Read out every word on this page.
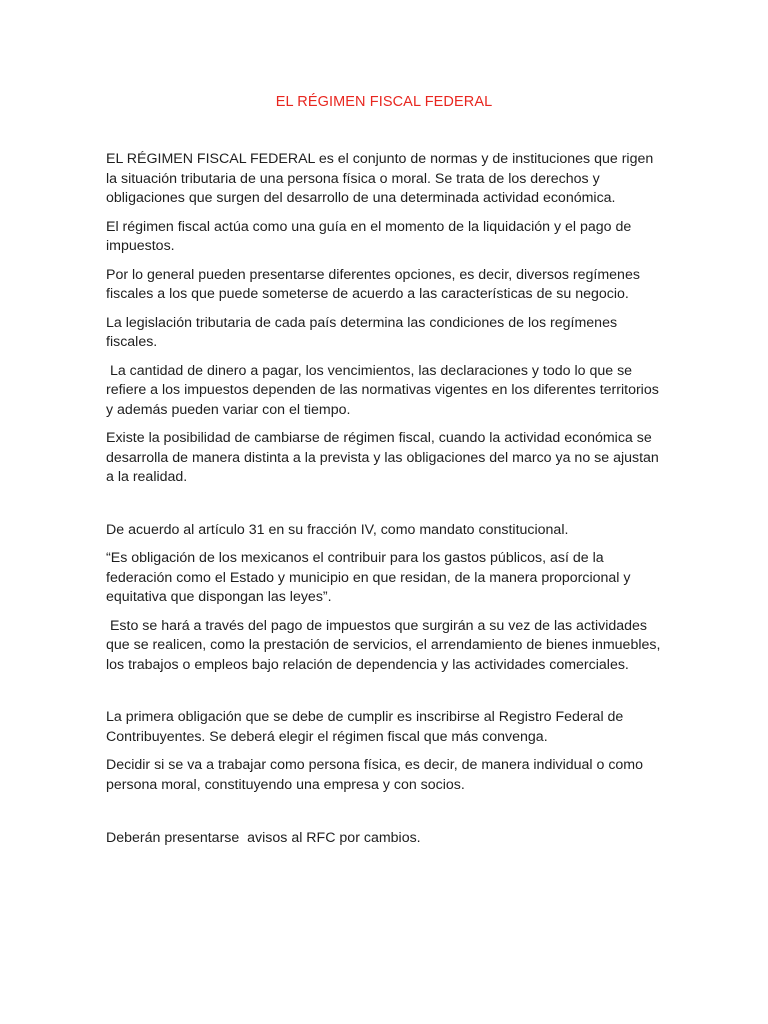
EL RÉGIMEN FISCAL FEDERAL

EL RÉGIMEN FISCAL FEDERAL es el conjunto de normas y de instituciones que rigen la situación tributaria de una persona física o moral. Se trata de los derechos y obligaciones que surgen del desarrollo de una determinada actividad económica.

El régimen fiscal actúa como una guía en el momento de la liquidación y el pago de impuestos.

Por lo general pueden presentarse diferentes opciones, es decir, diversos regímenes fiscales a los que puede someterse de acuerdo a las características de su negocio.

La legislación tributaria de cada país determina las condiciones de los regímenes fiscales.

La cantidad de dinero a pagar, los vencimientos, las declaraciones y todo lo que se refiere a los impuestos dependen de las normativas vigentes en los diferentes territorios y además pueden variar con el tiempo.

Existe la posibilidad de cambiarse de régimen fiscal, cuando la actividad económica se desarrolla de manera distinta a la prevista y las obligaciones del marco ya no se ajustan a la realidad.

De acuerdo al artículo 31 en su fracción IV, como mandato constitucional.

“Es obligación de los mexicanos el contribuir para los gastos públicos, así de la federación como el Estado y municipio en que residan, de la manera proporcional y equitativa que dispongan las leyes”.

Esto se hará a través del pago de impuestos que surgirán a su vez de las actividades que se realicen, como la prestación de servicios, el arrendamiento de bienes inmuebles, los trabajos o empleos bajo relación de dependencia y las actividades comerciales.

La primera obligación que se debe de cumplir es inscribirse al Registro Federal de Contribuyentes. Se deberá elegir el régimen fiscal que más convenga.

Decidir si se va a trabajar como persona física, es decir, de manera individual o como persona moral, constituyendo una empresa y con socios.

Deberán presentarse  avisos al RFC por cambios.
